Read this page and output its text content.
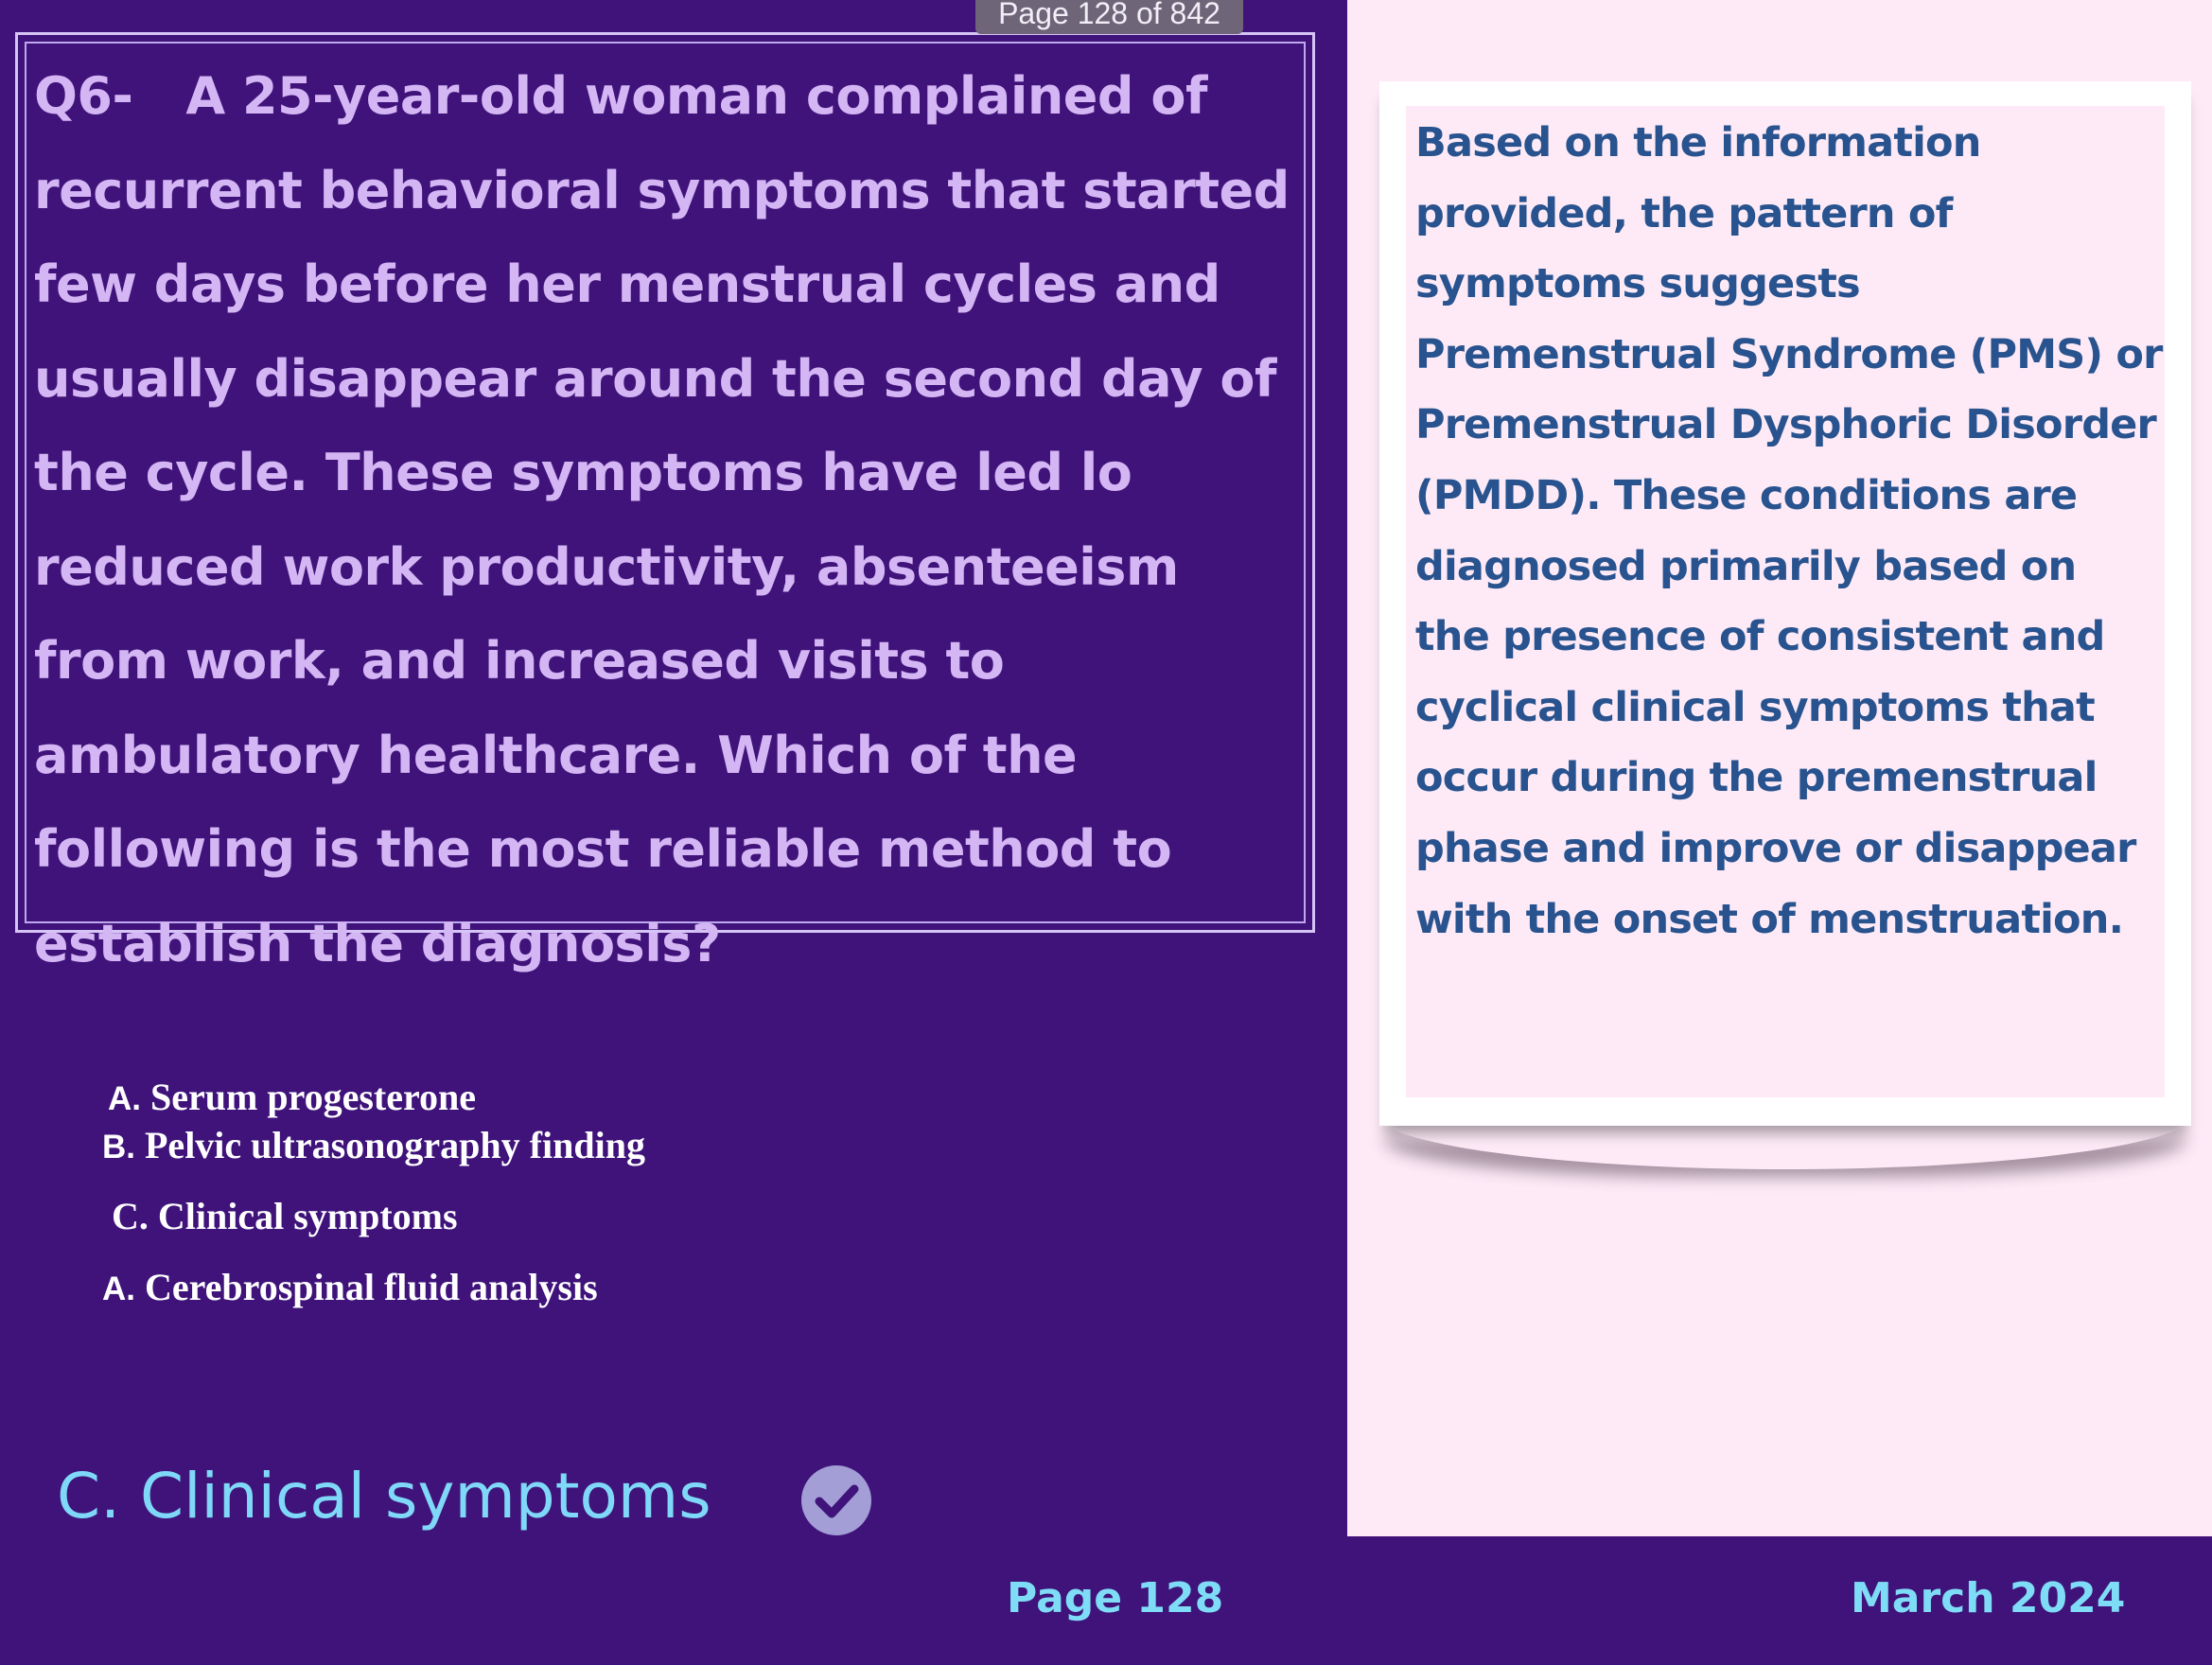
Page 128 of 842

Q6- A 25-year-old woman complained of recurrent behavioral symptoms that started few days before her menstrual cycles and usually disappear around the second day of the cycle. These symptoms have led lo reduced work productivity, absenteeism from work, and increased visits to ambulatory healthcare. Which of the following is the most reliable method to establish the diagnosis?

A. Serum progesterone
B. Pelvic ultrasonography finding
C. Clinical symptoms
A. Cerebrospinal fluid analysis
C. Clinical symptoms

Based on the information provided, the pattern of symptoms suggests Premenstrual Syndrome (PMS) or Premenstrual Dysphoric Disorder (PMDD). These conditions are diagnosed primarily based on the presence of consistent and cyclical clinical symptoms that occur during the premenstrual phase and improve or disappear with the onset of menstruation.

Page 128	March 2024
